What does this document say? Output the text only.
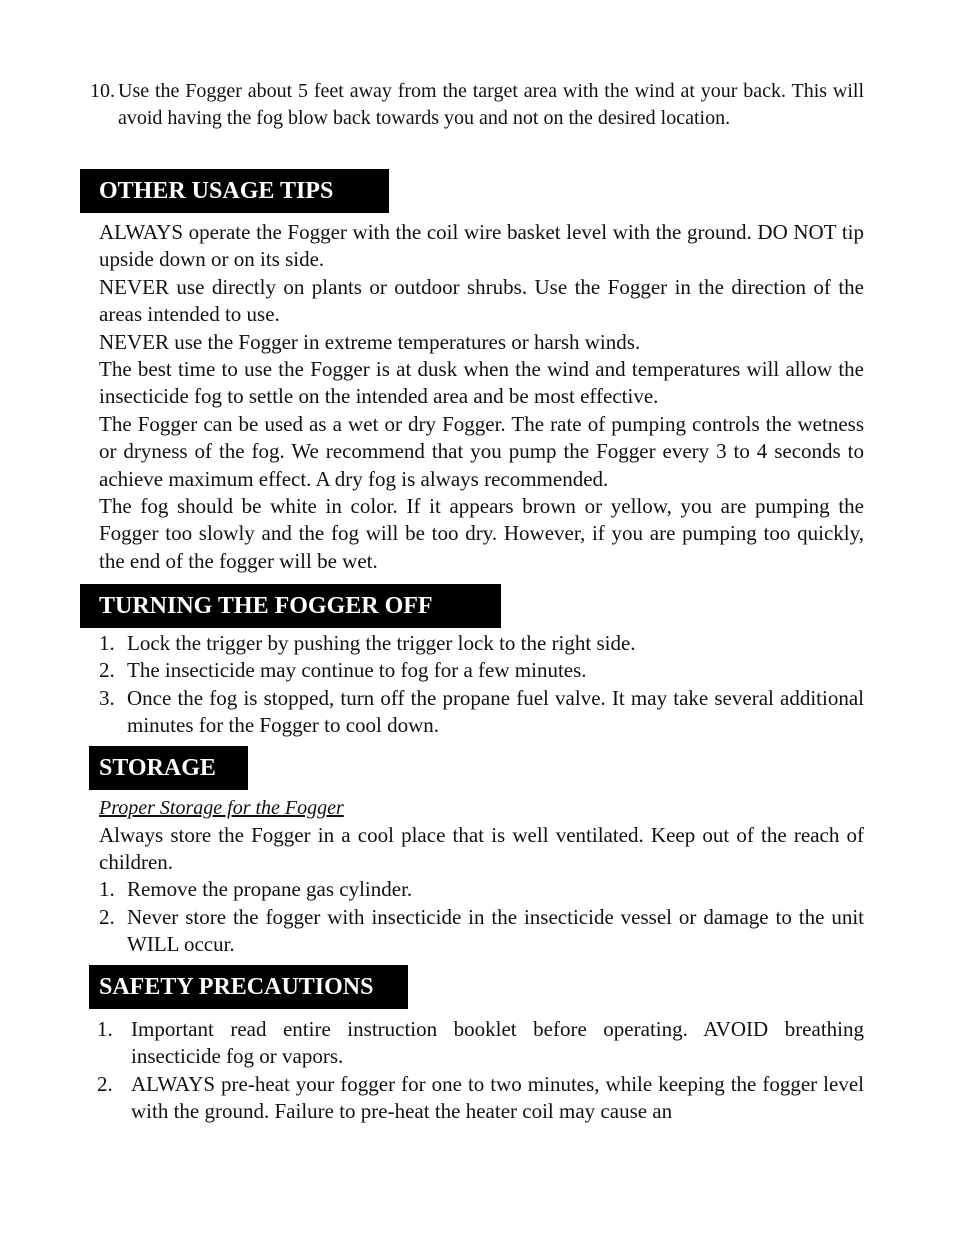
10. Use the Fogger about 5 feet away from the target area with the wind at your back. This will avoid having the fog blow back towards you and not on the desired location.
OTHER USAGE TIPS

ALWAYS operate the Fogger with the coil wire basket level with the ground. DO NOT tip upside down or on its side.

NEVER use directly on plants or outdoor shrubs. Use the Fogger in the direction of the areas intended to use.

NEVER use the Fogger in extreme temperatures or harsh winds.

The best time to use the Fogger is at dusk when the wind and temperatures will allow the insecticide fog to settle on the intended area and be most effective.

The Fogger can be used as a wet or dry Fogger. The rate of pumping controls the wetness or dryness of the fog. We recommend that you pump the Fogger every 3 to 4 seconds to achieve maximum effect. A dry fog is always recommended.

The fog should be white in color. If it appears brown or yellow, you are pumping the Fogger too slowly and the fog will be too dry. However, if you are pumping too quickly, the end of the fogger will be wet.

TURNING THE FOGGER OFF
1. Lock the trigger by pushing the trigger lock to the right side.
2. The insecticide may continue to fog for a few minutes.
3. Once the fog is stopped, turn off the propane fuel valve. It may take several additional minutes for the Fogger to cool down.
STORAGE
Proper Storage for the Fogger
Always store the Fogger in a cool place that is well ventilated. Keep out of the reach of children.
1. Remove the propane gas cylinder.
2. Never store the fogger with insecticide in the insecticide vessel or damage to the unit WILL occur.
SAFETY PRECAUTIONS
1. Important read entire instruction booklet before operating. AVOID breathing insecticide fog or vapors.
2. ALWAYS pre-heat your fogger for one to two minutes, while keeping the fogger level with the ground. Failure to pre-heat the heater coil may cause an
